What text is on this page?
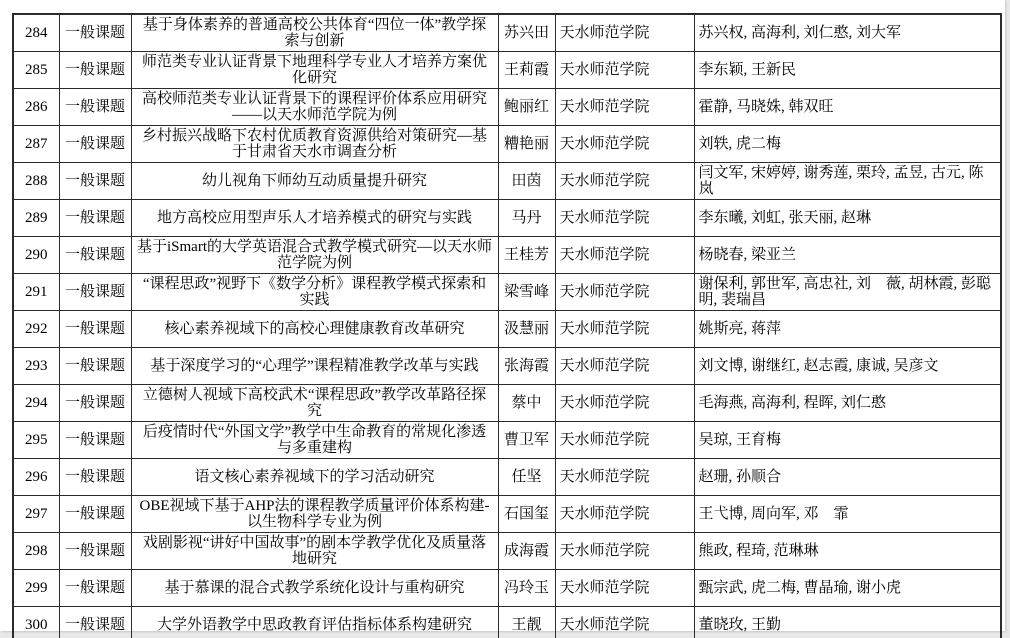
284	一般课题	基于身体素养的普通高校公共体育“四位一体”教学探索与创新	苏兴田	天水师范学院	苏兴权, 高海利, 刘仁憨, 刘大军
285	一般课题	师范类专业认证背景下地理科学专业人才培养方案优化研究	王莉霞	天水师范学院	李东颖, 王新民
286	一般课题	高校师范类专业认证背景下的课程评价体系应用研究——以天水师范学院为例	鲍丽红	天水师范学院	霍静, 马晓姝, 韩双旺
287	一般课题	乡村振兴战略下农村优质教育资源供给对策研究—基于甘肃省天水市调查分析	糟艳丽	天水师范学院	刘轶, 虎二梅
288	一般课题	幼儿视角下师幼互动质量提升研究	田茵	天水师范学院	闫文军, 宋婷婷, 谢秀莲, 栗玲, 孟昱, 古元, 陈岚
289	一般课题	地方高校应用型声乐人才培养模式的研究与实践	马丹	天水师范学院	李东曦, 刘虹, 张天丽, 赵琳
290	一般课题	基于iSmart的大学英语混合式教学模式研究—以天水师范学院为例	王桂芳	天水师范学院	杨晓春, 梁亚兰
291	一般课题	“课程思政”视野下《数学分析》课程教学模式探索和实践	梁雪峰	天水师范学院	谢保利, 郭世军, 高忠社, 刘　薇, 胡林霞, 彭聪明, 裴瑞昌
292	一般课题	核心素养视域下的高校心理健康教育改革研究	汲慧丽	天水师范学院	姚斯亮, 蒋萍
293	一般课题	基于深度学习的“心理学”课程精准教学改革与实践	张海霞	天水师范学院	刘文博, 谢继红, 赵志霞, 康诚, 吴彦文
294	一般课题	立德树人视域下高校武术“课程思政”教学改革路径探究	蔡中	天水师范学院	毛海燕, 高海利, 程晖, 刘仁憨
295	一般课题	后疫情时代“外国文学”教学中生命教育的常规化渗透与多重建构	曹卫军	天水师范学院	吴琼, 王育梅
296	一般课题	语文核心素养视域下的学习活动研究	任坚	天水师范学院	赵珊, 孙顺合
297	一般课题	OBE视域下基于AHP法的课程教学质量评价体系构建-以生物科学专业为例	石国玺	天水师范学院	王弋博, 周向军, 邓　霏
298	一般课题	戏剧影视“讲好中国故事”的剧本学教学优化及质量落地研究	成海霞	天水师范学院	熊政, 程琦, 范琳琳
299	一般课题	基于慕课的混合式教学系统化设计与重构研究	冯玲玉	天水师范学院	甄宗武, 虎二梅, 曹晶瑜, 谢小虎
300	一般课题	大学外语教学中思政教育评估指标体系构建研究	王靓	天水师范学院	董晓玫, 王勤
